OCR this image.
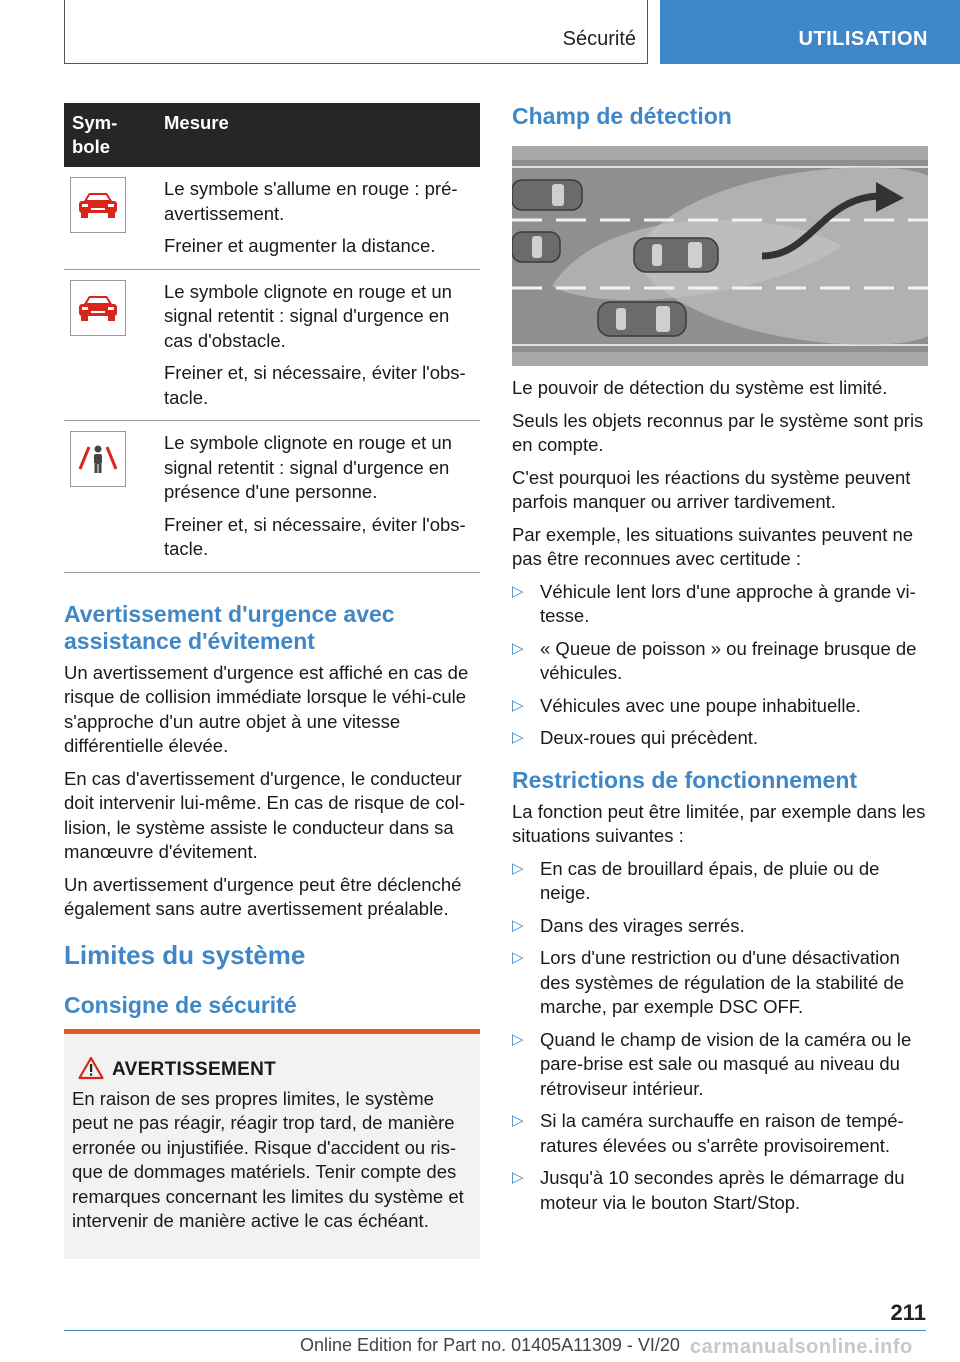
Sécurité	UTILISATION
Sym-
bole	Mesure

Le symbole s'allume en rouge : pré-avertissement.

Freiner et augmenter la distance.

Le symbole clignote en rouge et un signal retentit : signal d'urgence en cas d'obstacle.

Freiner et, si nécessaire, éviter l'obs-tacle.

Le symbole clignote en rouge et un signal retentit : signal d'urgence en présence d'une personne.

Freiner et, si nécessaire, éviter l'obs-tacle.

Avertissement d'urgence avec assistance d'évitement

Un avertissement d'urgence est affiché en cas de risque de collision immédiate lorsque le véhi-cule s'approche d'un autre objet à une vitesse différentielle élevée.

En cas d'avertissement d'urgence, le conducteur doit intervenir lui-même. En cas de risque de col-lision, le système assiste le conducteur dans sa manœuvre d'évitement.

Un avertissement d'urgence peut être déclenché également sans autre avertissement préalable.

Limites du système
Consigne de sécurité
AVERTISSEMENT
En raison de ses propres limites, le système peut ne pas réagir, réagir trop tard, de manière erronée ou injustifiée. Risque d'accident ou ris-que de dommages matériels. Tenir compte des remarques concernant les limites du système et intervenir de manière active le cas échéant.
Champ de détection

Le pouvoir de détection du système est limité.

Seuls les objets reconnus par le système sont pris en compte.

C'est pourquoi les réactions du système peuvent parfois manquer ou arriver tardivement.

Par exemple, les situations suivantes peuvent ne pas être reconnues avec certitude :

▷ Véhicule lent lors d'une approche à grande vi-tesse.
▷ « Queue de poisson » ou freinage brusque de véhicules.
▷ Véhicules avec une poupe inhabituelle.
▷ Deux-roues qui précèdent.
Restrictions de fonctionnement

La fonction peut être limitée, par exemple dans les situations suivantes :

▷ En cas de brouillard épais, de pluie ou de neige.
▷ Dans des virages serrés.
▷ Lors d'une restriction ou d'une désactivation des systèmes de régulation de la stabilité de marche, par exemple DSC OFF.
▷ Quand le champ de vision de la caméra ou le pare-brise est sale ou masqué au niveau du rétroviseur intérieur.
▷ Si la caméra surchauffe en raison de tempé-ratures élevées ou s'arrête provisoirement.
▷ Jusqu'à 10 secondes après le démarrage du moteur via le bouton Start/Stop.
211
Online Edition for Part no. 01405A11309 - VI/20 carmanualsonline.info
